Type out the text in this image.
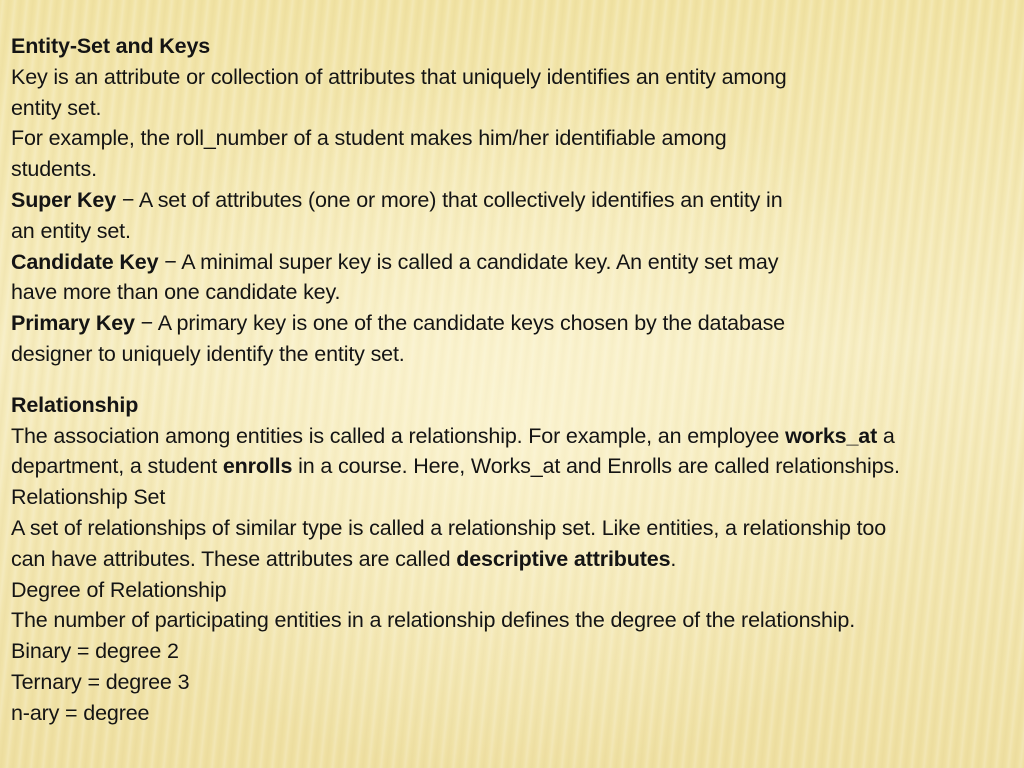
Entity-Set and Keys
Key is an attribute or collection of attributes that uniquely identifies an entity among
entity set.
For example, the roll_number of a student makes him/her identifiable among
students.
Super Key − A set of attributes (one or more) that collectively identifies an entity in
an entity set.
Candidate Key − A minimal super key is called a candidate key. An entity set may
have more than one candidate key.
Primary Key − A primary key is one of the candidate keys chosen by the database
designer to uniquely identify the entity set.
Relationship
The association among entities is called a relationship. For example, an employee works_at a
department, a student enrolls in a course. Here, Works_at and Enrolls are called relationships.
Relationship Set
A set of relationships of similar type is called a relationship set. Like entities, a relationship too
can have attributes. These attributes are called descriptive attributes.
Degree of Relationship
The number of participating entities in a relationship defines the degree of the relationship.
Binary = degree 2
Ternary = degree 3
n-ary = degree
